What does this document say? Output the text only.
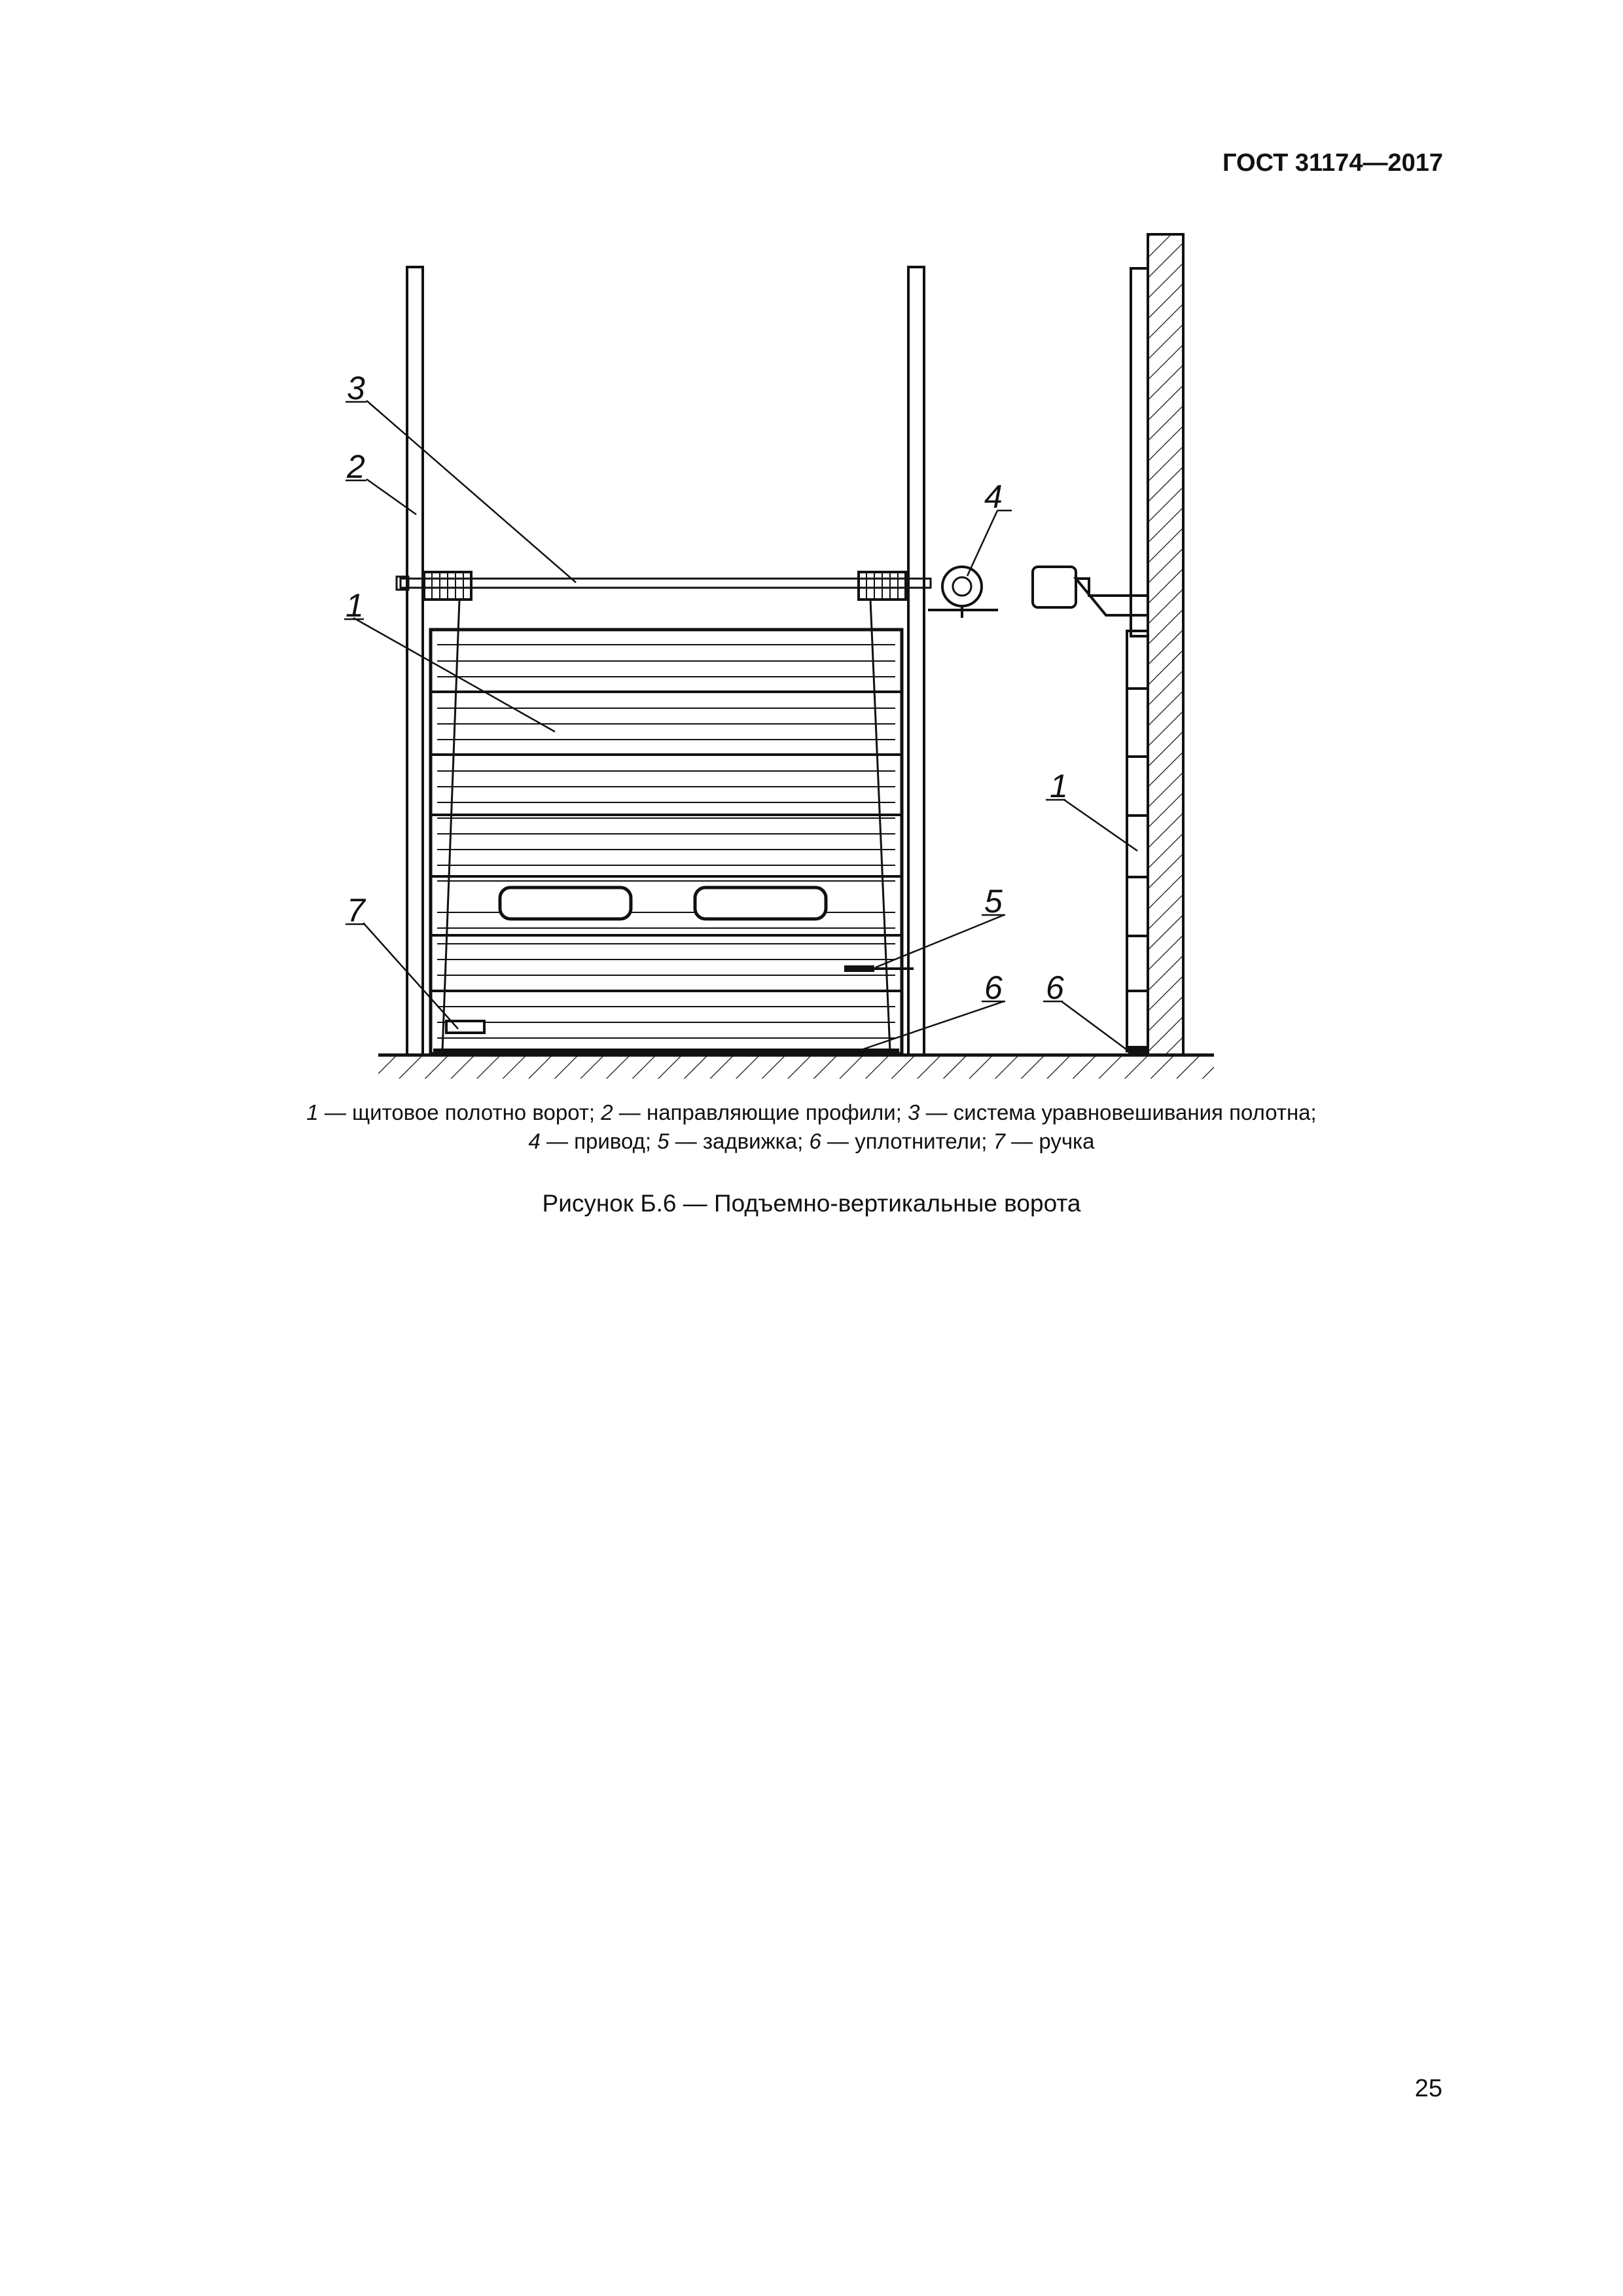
ГОСТ 31174—2017
3
2
1
4
7	5
6
1
6
1 — щитовое полотно ворот; 2 — направляющие профили; 3 — система уравновешивания полотна;
4 — привод; 5 — задвижка; 6 — уплотнители; 7 — ручка
Рисунок Б.6 — Подъемно-вертикальные ворота
25
